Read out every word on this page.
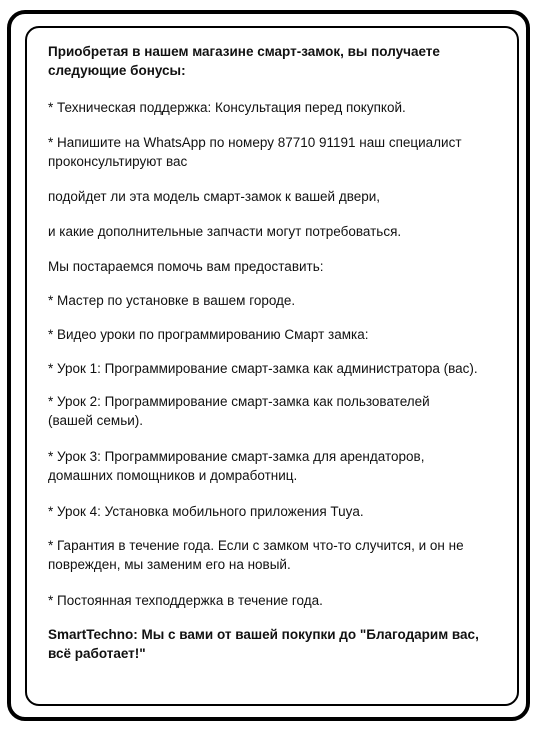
Приобретая в нашем магазине смарт-замок, вы получаете следующие бонусы:

* Техническая поддержка: Консультация перед покупкой.

* Напишите на WhatsApp по номеру 87710 91191 наш специалист проконсультируют вас

подойдет ли эта модель смарт-замок к вашей двери,

и какие дополнительные запчасти могут потребоваться.

Мы постараемся помочь вам предоставить:

* Мастер по установке в вашем городе.

* Видео уроки по программированию Смарт замка:

* Урок 1: Программирование смарт-замка как администратора (вас).

* Урок 2: Программирование смарт-замка как пользователей (вашей семьи).

* Урок 3: Программирование смарт-замка для арендаторов, домашних помощников и домработниц.

* Урок 4: Установка мобильного приложения Tuya.

* Гарантия в течение года. Если с замком что-то случится, и он не поврежден, мы заменим его на новый.

* Постоянная техподдержка в течение года.

SmartTechno: Мы с вами от вашей покупки до "Благодарим вас, всё работает!"
